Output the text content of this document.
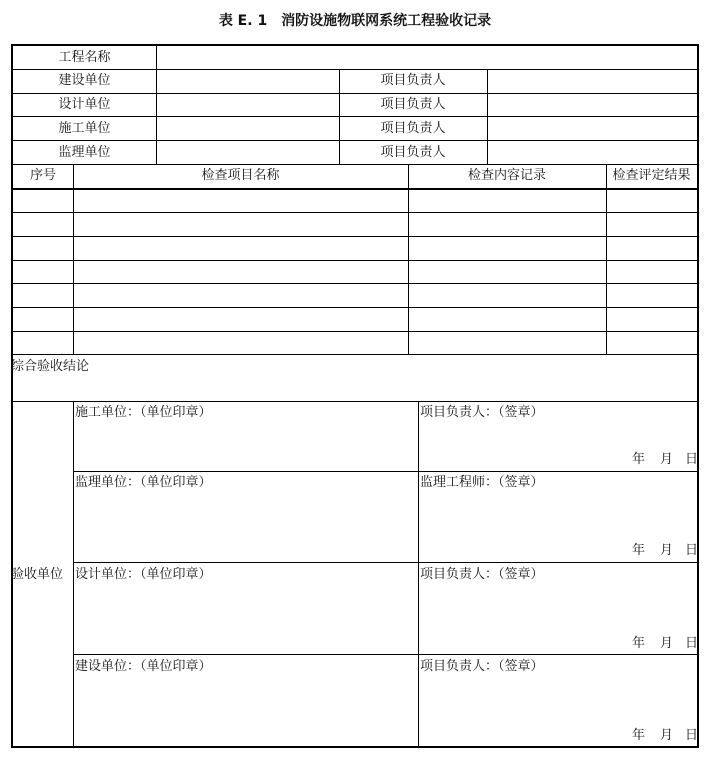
表 E. 1 消防设施物联网系统工程验收记录
工程名称
建设单位	项目负责人
设计单位	项目负责人
施工单位	项目负责人
监理单位	项目负责人
序号	检查项目名称	检查内容记录	检查评定结果
综合验收结论
验收单位
施工单位：（单位印章）	项目负责人：（签章）
年 月 日
监理单位：（单位印章）	监理工程师：（签章）
年 月 日
设计单位：（单位印章）	项目负责人：（签章）
年 月 日
建设单位：（单位印章）	项目负责人：（签章）
年 月 日
